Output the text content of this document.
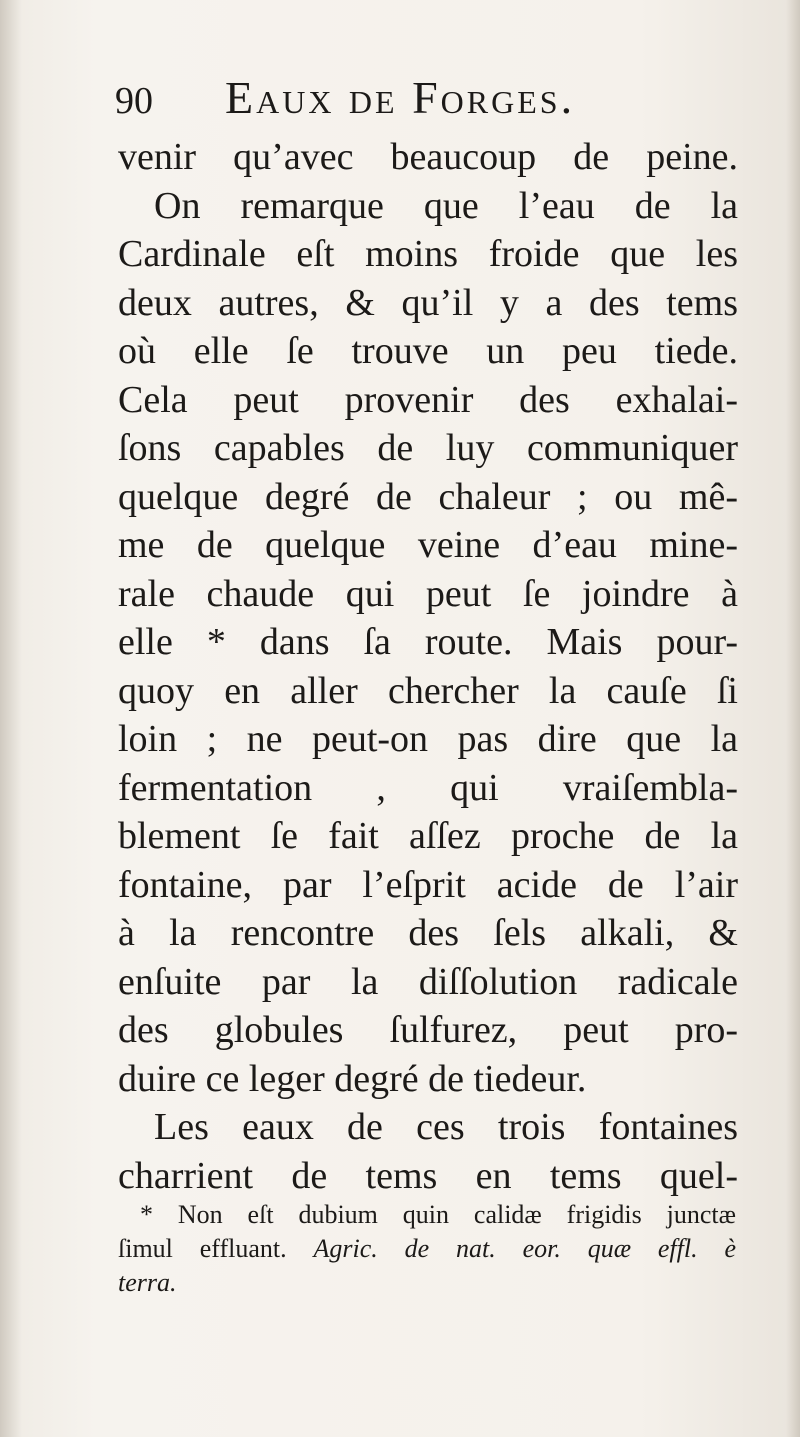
90 Eaux de Forges.
venir qu’avec beaucoup de peine.
On remarque que l’eau de la
Cardinale eſt moins froide que les
deux autres, & qu’il y a des tems
où elle ſe trouve un peu tiede.
Cela peut provenir des exhalai-
ſons capables de luy communiquer
quelque degré de chaleur ; ou mê-
me de quelque veine d’eau mine-
rale chaude qui peut ſe joindre à
elle * dans ſa route. Mais pour-
quoy en aller chercher la cauſe ſi
loin ; ne peut-on pas dire que la
fermentation , qui vraiſembla-
blement ſe fait aſſez proche de la
fontaine, par l’eſprit acide de l’air
à la rencontre des ſels alkali, &
enſuite par la diſſolution radicale
des globules ſulfurez, peut pro-
duire ce leger degré de tiedeur.
Les eaux de ces trois fontaines
charrient de tems en tems quel-
* Non eſt dubium quin calidæ frigidis junctæ
ſimul effluant. Agric. de nat. eor. quæ effl. è
terra.
